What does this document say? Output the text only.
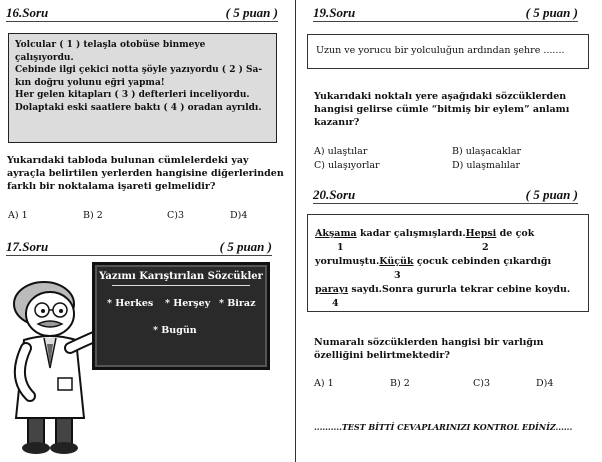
16.Soru	( 5 puan )
Yolcular ( 1 ) telaşla otobüse binmeye
çalışıyordu.
Cebinde ilgi çekici notta şöyle yazıyordu ( 2 ) Sa-
kın doğru yolunu eğri yapma!
Her gelen kitapları ( 3 ) defterleri inceliyordu.
Dolaptaki eski saatlere baktı ( 4 ) oradan ayrıldı.
Yukarıdaki tabloda bulunan cümlelerdeki yay
ayraçla belirtilen yerlerden hangisine diğerlerinden
farklı bir noktalama işareti gelmelidir?
A) 1	B) 2	C)3	D)4
17.Soru	( 5 puan )
Yazımı Karıştırılan Sözcükler
* Herkes * Herşey * Biraz
* Bugün
19.Soru	( 5 puan )
Uzun ve yorucu bir yolculuğun ardından şehre .......
Yukarıdaki noktalı yere aşağıdaki sözcüklerden
hangisi gelirse cümle “bitmiş bir eylem” anlamı
kazanır?
A) ulaştılar	B) ulaşacaklar
C) ulaşıyorlar	D) ulaşmalılar
20.Soru	( 5 puan )
Akşama kadar çalışmışlardı.Hepsi de çok
1	2
yorulmuştu.Küçük çocuk cebinden çıkardığı
3
parayı saydı.Sonra gururla tekrar cebine koydu.
4
Numaralı sözcüklerden hangisi bir varlığın
özelliğini belirtmektedir?
A) 1	B) 2	C)3	D)4
..........TEST BİTTİ CEVAPLARINIZI KONTROL EDİNİZ......
